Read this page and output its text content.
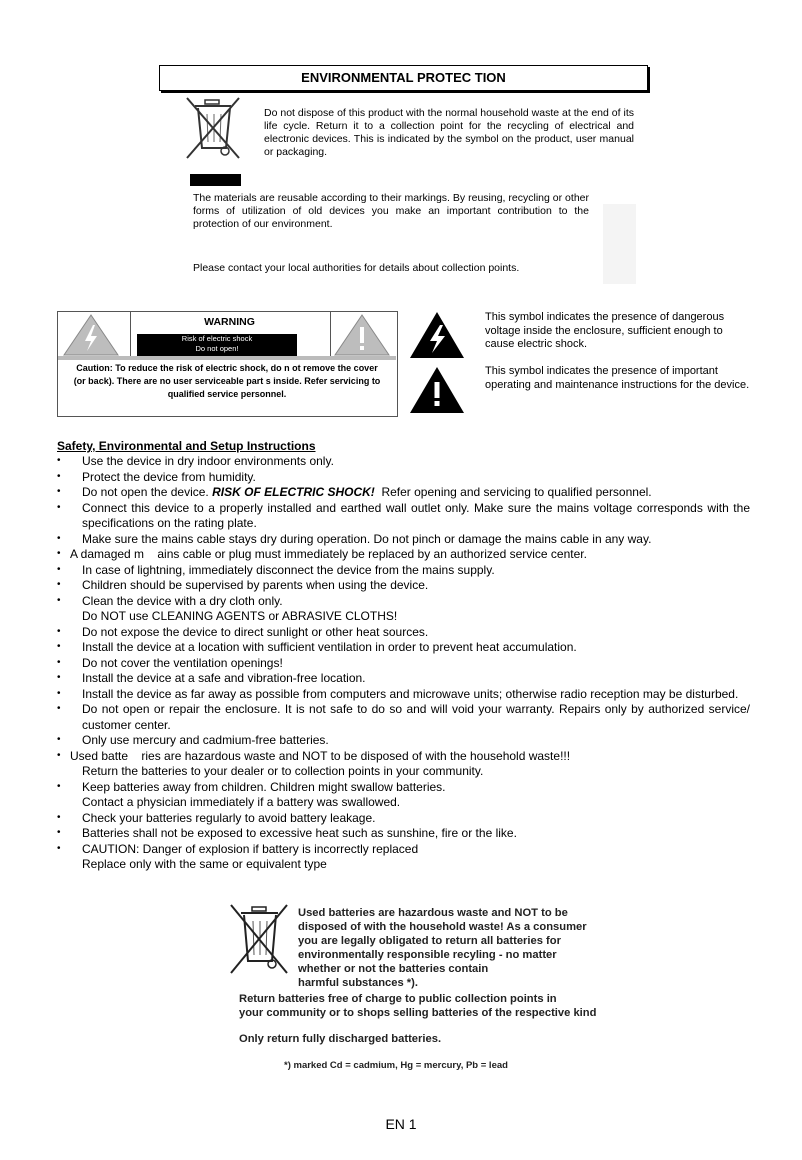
ENVIRONMENTAL PROTEC TION
Do not dispose of this product with the normal household waste at the end of its life cycle. Return it to a collection point for the recycling of electrical and electronic devices. This is indicated by the symbol on the product, user manual or packaging.
The materials are reusable according to their markings. By reusing, recycling or other forms of utilization of old devices you make an important contribution to the protection of our environment.
Please contact your local authorities for details about collection points.
WARNING
Risk of electric shock
Do not open!
Caution: To reduce the risk of electric shock, do n ot remove the cover (or back). There are no user serviceable part s inside. Refer servicing to qualified service personnel.
This symbol indicates the presence of dangerous voltage inside the enclosure, sufficient enough to cause electric shock.
This symbol indicates the presence of important operating and maintenance instructions for the device.
Safety, Environmental and Setup Instructions
• Use the device in dry indoor environments only.
• Protect the device from humidity.
• Do not open the device. RISK OF ELECTRIC SHOCK! Refer opening and servicing to qualified personnel.
• Connect this device to a properly installed and earthed wall outlet only. Make sure the mains voltage corresponds with the specifications on the rating plate.
• Make sure the mains cable stays dry during operation. Do not pinch or damage the mains cable in any way.
• A damaged m    ains cable or plug must immediately be replaced by an authorized service center.
• In case of lightning, immediately disconnect the device from the mains supply.
• Children should be supervised by parents when using the device.
• Clean the device with a dry cloth only.
Do NOT use CLEANING AGENTS or ABRASIVE CLOTHS!
• Do not expose the device to direct sunlight or other heat sources.
• Install the device at a location with sufficient ventilation in order to prevent heat accumulation.
• Do not cover the ventilation openings!
• Install the device at a safe and vibration-free location.
• Install the device as far away as possible from computers and microwave units; otherwise radio reception may be disturbed.
• Do not open or repair the enclosure. It is not safe to do so and will void your warranty. Repairs only by authorized service/ customer center.
• Only use mercury and cadmium-free batteries.
• Used batte    ries are hazardous waste and NOT to be disposed of with the household waste!!!
Return the batteries to your dealer or to collection points in your community.
• Keep batteries away from children. Children might swallow batteries.
Contact a physician immediately if a battery was swallowed.
• Check your batteries regularly to avoid battery leakage.
• Batteries shall not be exposed to excessive heat such as sunshine, fire or the like.
• CAUTION: Danger of explosion if battery is incorrectly replaced
Replace only with the same or equivalent type
Used batteries are hazardous waste and NOT to be
disposed of with the household waste! As a consumer
you are legally obligated to return all batteries for
environmentally responsible recyling - no matter
whether or not the batteries contain
harmful substances *).
Return batteries free of charge to public collection points in
your community or to shops selling batteries of the respective kind
Only return fully discharged batteries.
*) marked Cd = cadmium, Hg = mercury, Pb = lead
EN 1
